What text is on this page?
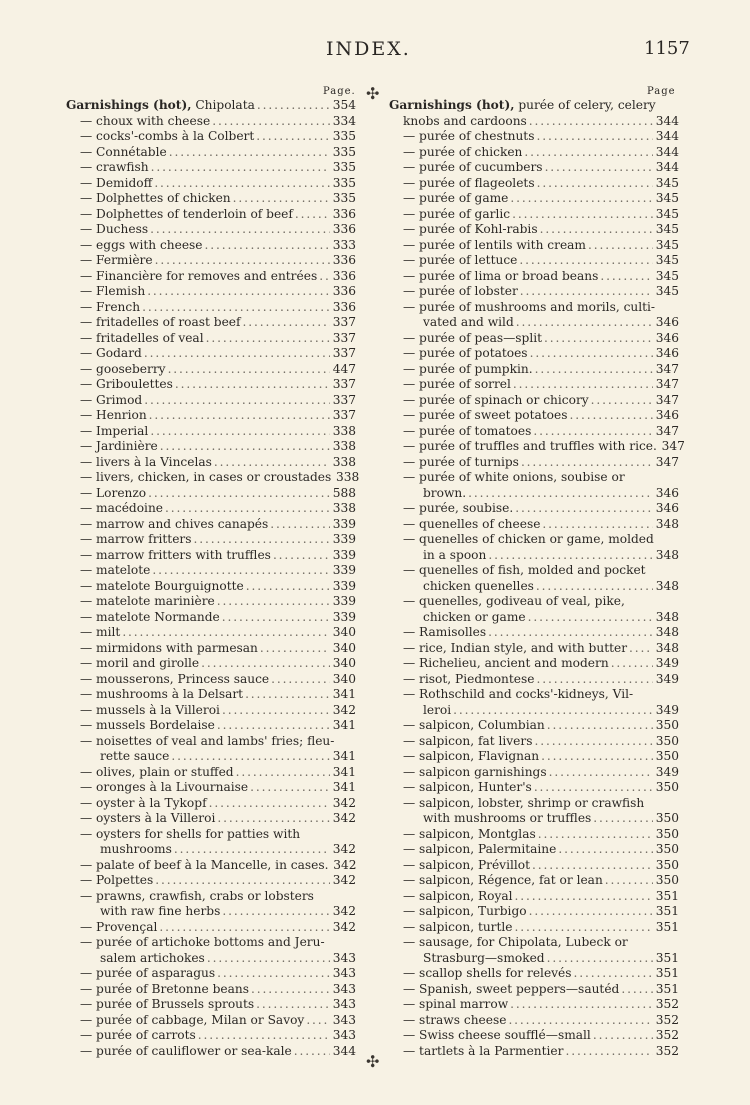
INDEX.	1157
Page.	Page
✣
✣
Garnishings (hot), Chipolata . . .	354
— choux with cheese . . .	334
— cocks'-combs à la Colbert . . .	335
— Connétable . . .	335
— crawfish . . .	335
— Demidoff . . .	335
— Dolphettes of chicken . . .	335
— Dolphettes of tenderloin of beef . . .	336
— Duchess . . .	336
— eggs with cheese . . .	333
— Fermière . . .	336
— Financière for removes and entrées . . . 336
— Flemish . . .	336
— French . . .	336
— fritadelles of roast beef . . .	337
— fritadelles of veal . . .	337
— Godard . . .	337
— gooseberry . . .	447
— Griboulettes . . .	337
— Grimod . . .	337
— Henrion . . .	337
— Imperial . . .	338
— Jardinière . . .	338
— livers à la Vincelas . . .	338
— livers, chicken, in cases or croustades 338
— Lorenzo . . .	588
— macédoine . . .	338
— marrow and chives canapés . . .	339
— marrow fritters . . .	339
— marrow fritters with truffles . . .	339
— matelote . . .	339
— matelote Bourguignotte . . .	339
— matelote marinière . . .	339
— matelote Normande . . .	339
— milt . . .	340
— mirmidons with parmesan . . .	340
— moril and girolle . . .	340
— mousserons, Princess sauce . . .	340
— mushrooms à la Delsart . . .	341
— mussels à la Villeroi . . .	342
— mussels Bordelaise . . .	341
— noisettes of veal and lambs' fries; fleu-
rette sauce . . .	341
— olives, plain or stuffed . . .	341
— oronges à la Livournaise . . .	341
— oyster à la Tykopf . . .	342
— oysters à la Villeroi . . .	342
— oysters for shells for patties with
mushrooms . . .	342
— palate of beef à la Mancelle, in cases. 342
— Polpettes . . .	342
— prawns, crawfish, crabs or lobsters
with raw fine herbs . . .	342
— Provençal . . .	342
— purée of artichoke bottoms and Jeru-
salem artichokes . . .	343
— purée of asparagus . . .	343
— purée of Bretonne beans . . .	343
— purée of Brussels sprouts . . .	343
— purée of cabbage, Milan or Savoy . . . 343
— purée of carrots . . .	343
— purée of cauliflower or sea-kale . . .	344
Garnishings (hot), purée of celery, celery
knobs and cardoons . . .	344
— purée of chestnuts . . .	344
— purée of chicken . . .	344
— purée of cucumbers . . .	344
— purée of flageolets . . .	345
— purée of game . . .	345
— purée of garlic . . .	345
— purée of Kohl-rabis . . .	345
— purée of lentils with cream . . .	345
— purée of lettuce . . .	345
— purée of lima or broad beans . . .	345
— purée of lobster . . .	345
— purée of mushrooms and morils, culti-
vated and wild . . .	346
— purée of peas—split . . .	346
— purée of potatoes . . .	346
— purée of pumpkin. . . .	347
— purée of sorrel . . .	347
— purée of spinach or chicory . . .	347
— purée of sweet potatoes . . .	346
— purée of tomatoes . . .	347
— purée of truffles and truffles with rice. 347
— purée of turnips . . .	347
— purée of white onions, soubise or
brown. . . .	346
— purée, soubise. . . .	346
— quenelles of cheese . . .	348
— quenelles of chicken or game, molded
in a spoon . . .	348
— quenelles of fish, molded and pocket
chicken quenelles . . .	348
— quenelles, godiveau of veal, pike,
chicken or game . . .	348
— Ramisolles . . .	348
— rice, Indian style, and with butter . . . 348
— Richelieu, ancient and modern . . .	349
— risot, Piedmontese . . .	349
— Rothschild and cocks'-kidneys, Vil-
leroi . . .	349
— salpicon, Columbian . . .	350
— salpicon, fat livers . . .	350
— salpicon, Flavignan . . .	350
— salpicon garnishings . . .	349
— salpicon, Hunter's . . .	350
— salpicon, lobster, shrimp or crawfish
with mushrooms or truffles . . .	350
— salpicon, Montglas . . .	350
— salpicon, Palermitaine . . .	350
— salpicon, Prévillot . . .	350
— salpicon, Régence, fat or lean . . .	350
— salpicon, Royal . . .	351
— salpicon, Turbigo . . .	351
— salpicon, turtle . . .	351
— sausage, for Chipolata, Lubeck or
Strasburg—smoked . . .	351
— scallop shells for relevés . . .	351
— Spanish, sweet peppers—sautéd . . .	351
— spinal marrow . . .	352
— straws cheese . . .	352
— Swiss cheese soufflé—small . . .	352
— tartlets à la Parmentier . . .	352
